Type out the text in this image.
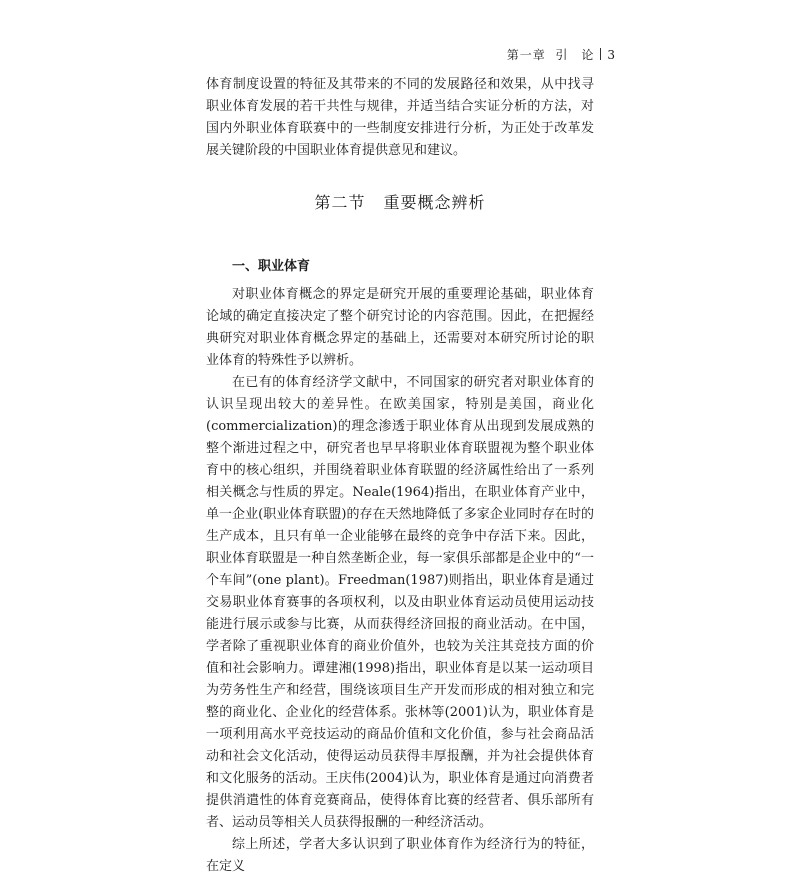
第一章 引　论 3

体育制度设置的特征及其带来的不同的发展路径和效果，从中找寻职业体育发展的若干共性与规律，并适当结合实证分析的方法，对国内外职业体育联赛中的一些制度安排进行分析，为正处于改革发展关键阶段的中国职业体育提供意见和建议。

第二节 重要概念辨析
一、职业体育

对职业体育概念的界定是研究开展的重要理论基础，职业体育论域的确定直接决定了整个研究讨论的内容范围。因此，在把握经典研究对职业体育概念界定的基础上，还需要对本研究所讨论的职业体育的特殊性予以辨析。

在已有的体育经济学文献中，不同国家的研究者对职业体育的认识呈现出较大的差异性。在欧美国家，特别是美国，商业化(commercialization)的理念渗透于职业体育从出现到发展成熟的整个渐进过程之中，研究者也早早将职业体育联盟视为整个职业体育中的核心组织，并围绕着职业体育联盟的经济属性给出了一系列相关概念与性质的界定。Neale(1964)指出，在职业体育产业中，单一企业(职业体育联盟)的存在天然地降低了多家企业同时存在时的生产成本，且只有单一企业能够在最终的竞争中存活下来。因此，职业体育联盟是一种自然垄断企业，每一家俱乐部都是企业中的“一个车间”(one plant)。Freedman(1987)则指出，职业体育是通过交易职业体育赛事的各项权利，以及由职业体育运动员使用运动技能进行展示或参与比赛，从而获得经济回报的商业活动。在中国，学者除了重视职业体育的商业价值外，也较为关注其竞技方面的价值和社会影响力。谭建湘(1998)指出，职业体育是以某一运动项目为劳务性生产和经营，围绕该项目生产开发而形成的相对独立和完整的商业化、企业化的经营体系。张林等(2001)认为，职业体育是一项利用高水平竞技运动的商品价值和文化价值，参与社会商品活动和社会文化活动，使得运动员获得丰厚报酬，并为社会提供体育和文化服务的活动。王庆伟(2004)认为，职业体育是通过向消费者提供消遣性的体育竞赛商品，使得体育比赛的经营者、俱乐部所有者、运动员等相关人员获得报酬的一种经济活动。

综上所述，学者大多认识到了职业体育作为经济行为的特征，在定义
